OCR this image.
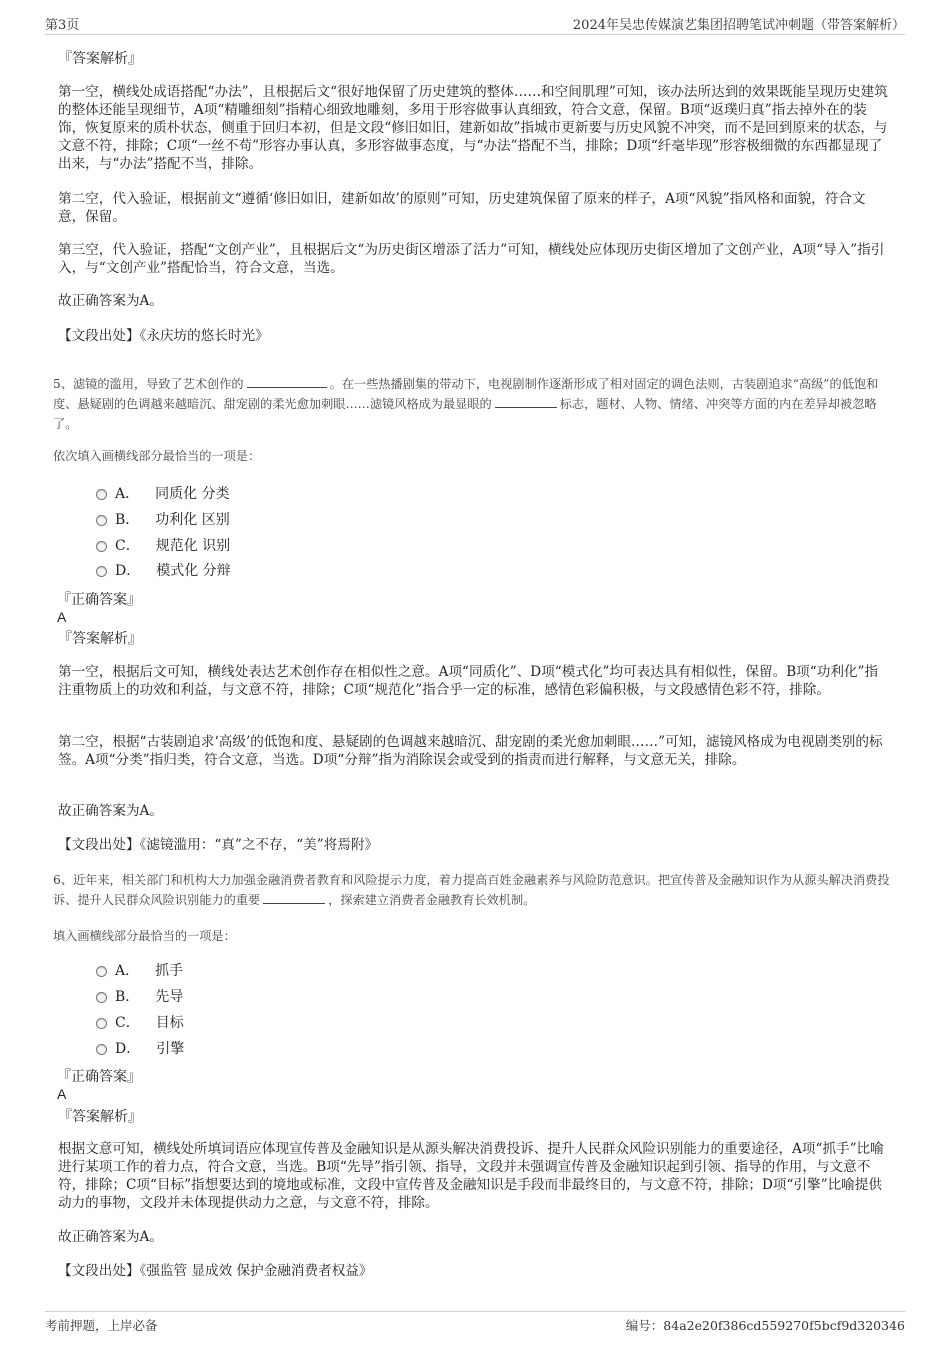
第3页	2024年吴忠传媒演艺集团招聘笔试冲刺题（带答案解析）
『答案解析』
第一空，横线处成语搭配“办法”，且根据后文“很好地保留了历史建筑的整体……和空间肌理”可知，该办法所达到的效果既能呈现历史建筑的整体还能呈现细节，A项“精雕细刻”指精心细致地雕刻，多用于形容做事认真细致，符合文意，保留。B项“返璞归真”指去掉外在的装饰，恢复原来的质朴状态，侧重于回归本初，但是文段“修旧如旧，建新如故”指城市更新要与历史风貌不冲突，而不是回到原来的状态，与文意不符，排除；C项“一丝不苟”形容办事认真，多形容做事态度，与“办法”搭配不当，排除；D项“纤毫毕现”形容极细微的东西都显现了出来，与“办法”搭配不当，排除。
第二空，代入验证，根据前文“遵循‘修旧如旧，建新如故’的原则”可知，历史建筑保留了原来的样子，A项“风貌”指风格和面貌，符合文意，保留。
第三空，代入验证，搭配“文创产业”，且根据后文“为历史街区增添了活力”可知，横线处应体现历史街区增加了文创产业，A项“导入”指引入，与“文创产业”搭配恰当，符合文意，当选。
故正确答案为A。
【文段出处】《永庆坊的悠长时光》
5、滤镜的滥用，导致了艺术创作的	。在一些热播剧集的带动下，电视剧制作逐渐形成了相对固定的调色法则，古装剧追求“高级”的低饱和度、悬疑剧的色调越来越暗沉、甜宠剧的柔光愈加刺眼……滤镜风格成为最显眼的	标志，题材、人物、情绪、冲突等方面的内在差异却被忽略了。
依次填入画横线部分最恰当的一项是：
A． 同质化 分类
B． 功利化 区别
C． 规范化 识别
D． 模式化 分辩
『正确答案』
A
『答案解析』
第一空，根据后文可知，横线处表达艺术创作存在相似性之意。A项“同质化”、D项“模式化”均可表达具有相似性，保留。B项“功利化”指注重物质上的功效和利益，与文意不符，排除；C项“规范化”指合乎一定的标准，感情色彩偏积极，与文段感情色彩不符，排除。
第二空，根据“古装剧追求‘高级’的低饱和度、悬疑剧的色调越来越暗沉、甜宠剧的柔光愈加刺眼……”可知，滤镜风格成为电视剧类别的标签。A项“分类”指归类，符合文意，当选。D项“分辩”指为消除误会或受到的指责而进行解释，与文意无关，排除。
故正确答案为A。
【文段出处】《滤镜滥用：“真”之不存，“美”将焉附》
6、近年来，相关部门和机构大力加强金融消费者教育和风险提示力度，着力提高百姓金融素养与风险防范意识。把宣传普及金融知识作为从源头解决消费投诉、提升人民群众风险识别能力的重要	，探索建立消费者金融教育长效机制。
填入画横线部分最恰当的一项是：
A． 抓手
B． 先导
C． 目标
D． 引擎
『正确答案』
A
『答案解析』
根据文意可知，横线处所填词语应体现宣传普及金融知识是从源头解决消费投诉、提升人民群众风险识别能力的重要途径，A项“抓手”比喻进行某项工作的着力点，符合文意，当选。B项“先导”指引领、指导，文段并未强调宣传普及金融知识起到引领、指导的作用，与文意不符，排除；C项“目标”指想要达到的境地或标准，文段中宣传普及金融知识是手段而非最终目的，与文意不符，排除；D项“引擎”比喻提供动力的事物，文段并未体现提供动力之意，与文意不符，排除。
故正确答案为A。
【文段出处】《强监管 显成效 保护金融消费者权益》
考前押题，上岸必备	编号：84a2e20f386cd559270f5bcf9d320346
